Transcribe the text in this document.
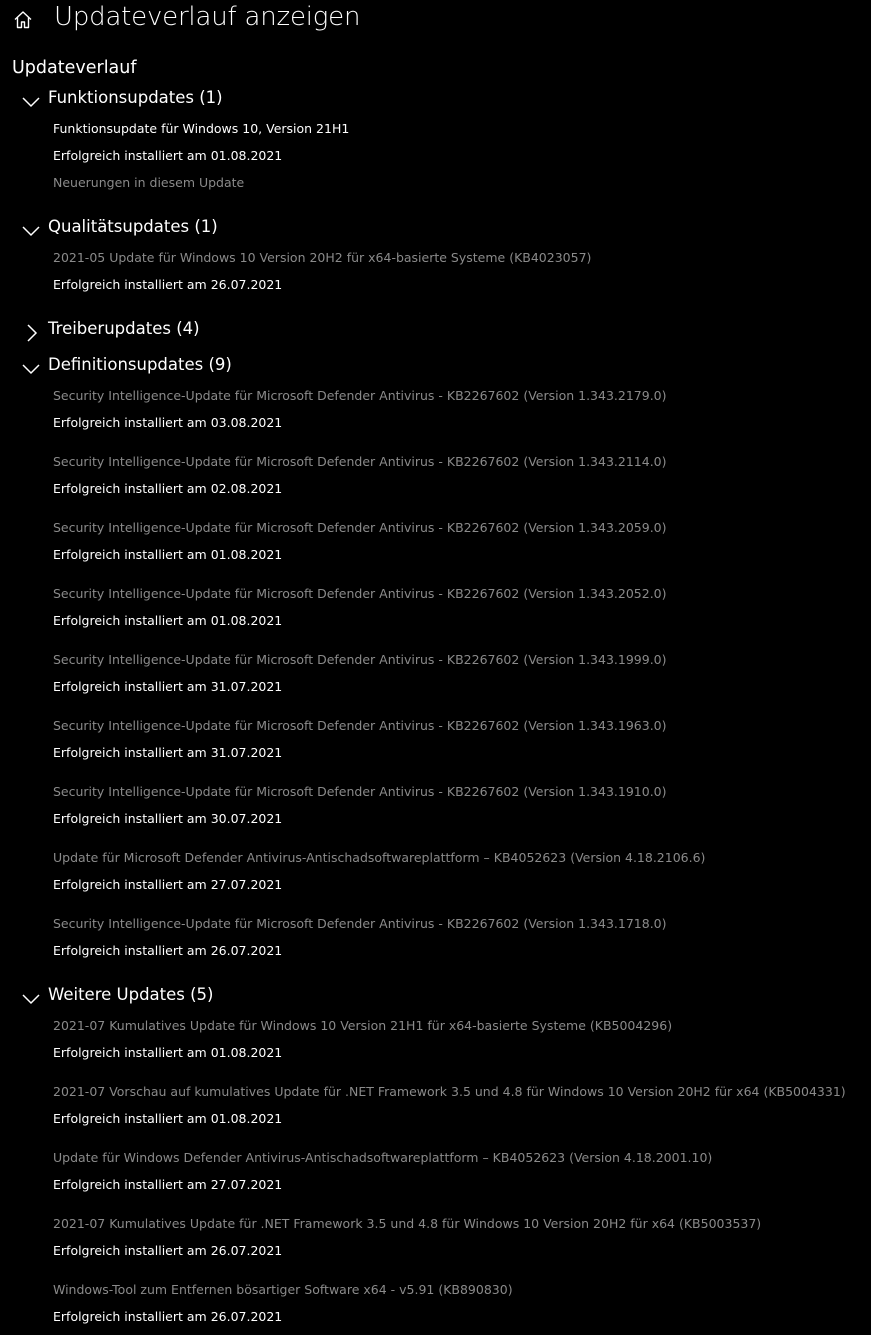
Updateverlauf anzeigen
Updateverlauf
Funktionsupdates (1)
Funktionsupdate für Windows 10, Version 21H1
Erfolgreich installiert am 01.08.2021
Neuerungen in diesem Update
Qualitätsupdates (1)
2021-05 Update für Windows 10 Version 20H2 für x64-basierte Systeme (KB4023057)
Erfolgreich installiert am 26.07.2021
Treiberupdates (4)
Definitionsupdates (9)
Security Intelligence-Update für Microsoft Defender Antivirus - KB2267602 (Version 1.343.2179.0)
Erfolgreich installiert am 03.08.2021
Security Intelligence-Update für Microsoft Defender Antivirus - KB2267602 (Version 1.343.2114.0)
Erfolgreich installiert am 02.08.2021
Security Intelligence-Update für Microsoft Defender Antivirus - KB2267602 (Version 1.343.2059.0)
Erfolgreich installiert am 01.08.2021
Security Intelligence-Update für Microsoft Defender Antivirus - KB2267602 (Version 1.343.2052.0)
Erfolgreich installiert am 01.08.2021
Security Intelligence-Update für Microsoft Defender Antivirus - KB2267602 (Version 1.343.1999.0)
Erfolgreich installiert am 31.07.2021
Security Intelligence-Update für Microsoft Defender Antivirus - KB2267602 (Version 1.343.1963.0)
Erfolgreich installiert am 31.07.2021
Security Intelligence-Update für Microsoft Defender Antivirus - KB2267602 (Version 1.343.1910.0)
Erfolgreich installiert am 30.07.2021
Update für Microsoft Defender Antivirus-Antischadsoftwareplattform – KB4052623 (Version 4.18.2106.6)
Erfolgreich installiert am 27.07.2021
Security Intelligence-Update für Microsoft Defender Antivirus - KB2267602 (Version 1.343.1718.0)
Erfolgreich installiert am 26.07.2021
Weitere Updates (5)
2021-07 Kumulatives Update für Windows 10 Version 21H1 für x64-basierte Systeme (KB5004296)
Erfolgreich installiert am 01.08.2021
2021-07 Vorschau auf kumulatives Update für .NET Framework 3.5 und 4.8 für Windows 10 Version 20H2 für x64 (KB5004331)
Erfolgreich installiert am 01.08.2021
Update für Windows Defender Antivirus-Antischadsoftwareplattform – KB4052623 (Version 4.18.2001.10)
Erfolgreich installiert am 27.07.2021
2021-07 Kumulatives Update für .NET Framework 3.5 und 4.8 für Windows 10 Version 20H2 für x64 (KB5003537)
Erfolgreich installiert am 26.07.2021
Windows-Tool zum Entfernen bösartiger Software x64 - v5.91 (KB890830)
Erfolgreich installiert am 26.07.2021
